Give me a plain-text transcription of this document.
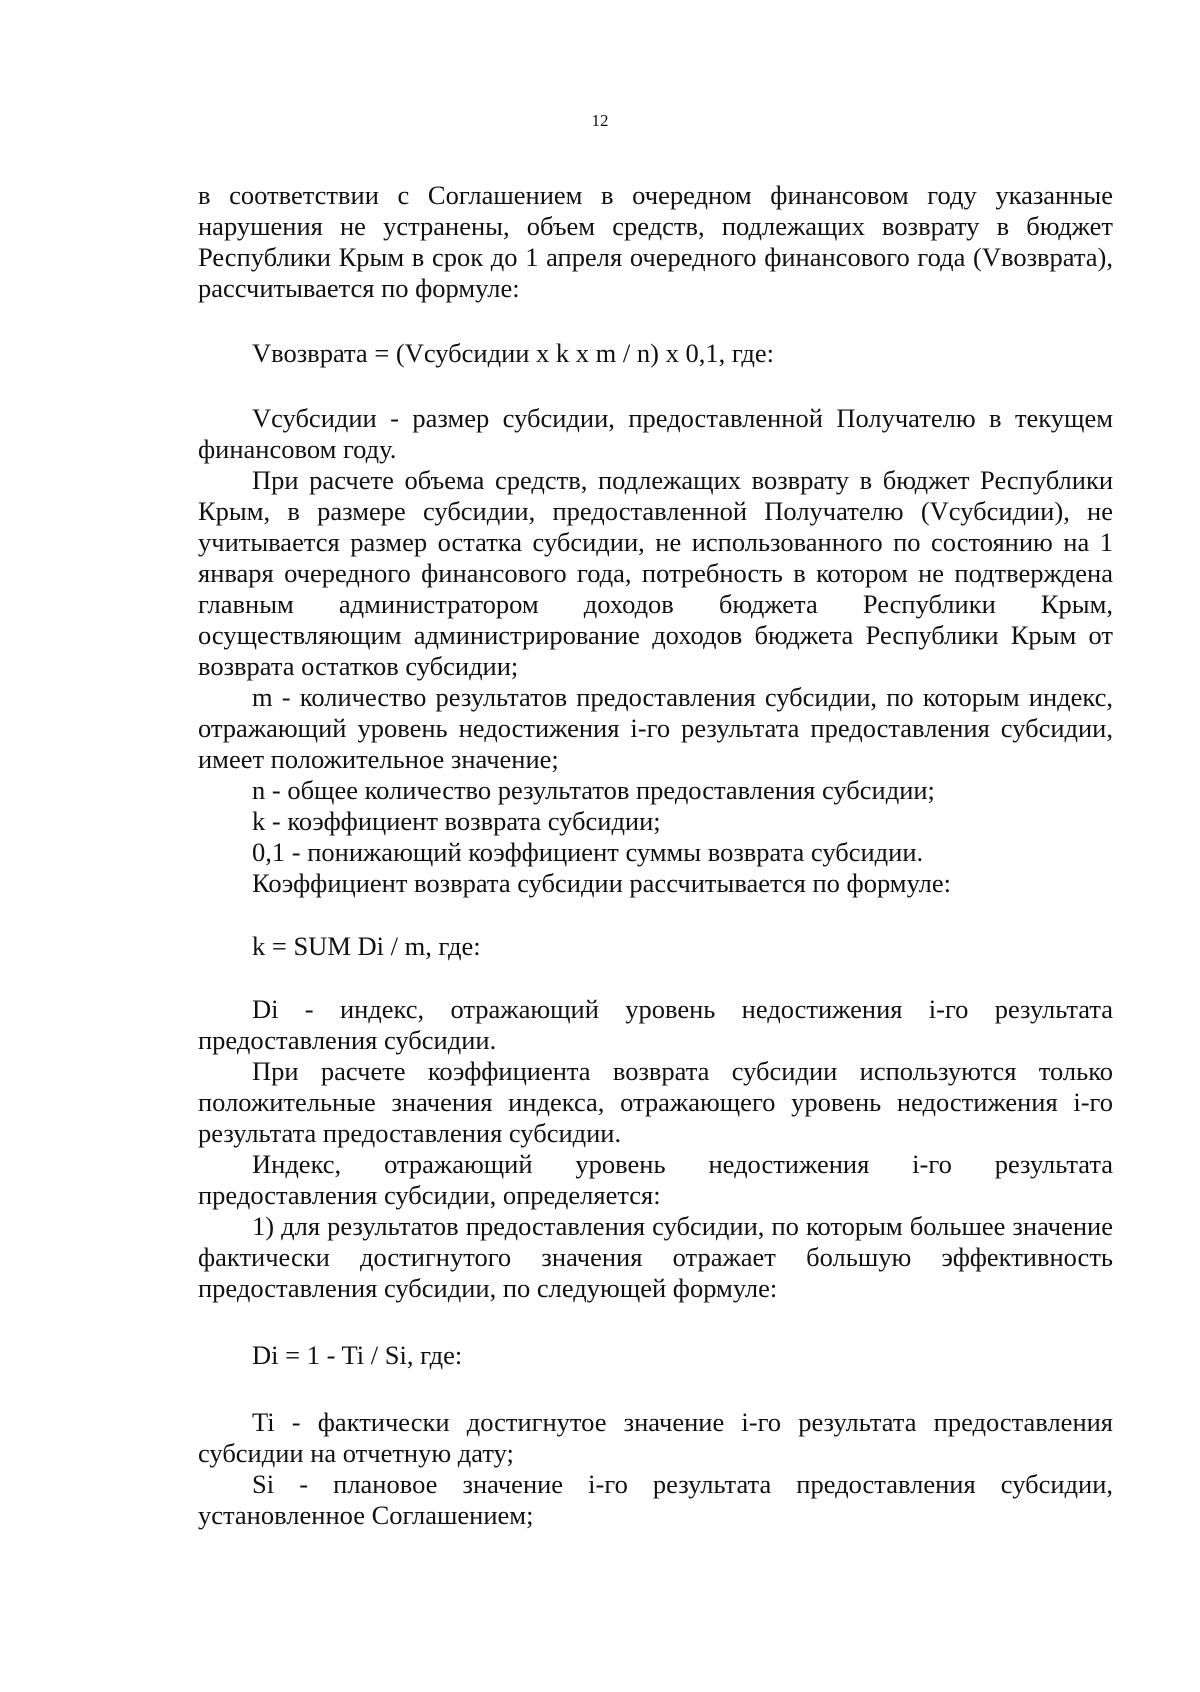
12

в соответствии с Соглашением в очередном финансовом году указанные нарушения не устранены, объем средств, подлежащих возврату в бюджет Республики Крым в срок до 1 апреля очередного финансового года (Vвозврата), рассчитывается по формуле:

Vвозврата = (Vсубсидии x k x m / n) x 0,1, где:

Vсубсидии - размер субсидии, предоставленной Получателю в текущем финансовом году.

При расчете объема средств, подлежащих возврату в бюджет Республики Крым, в размере субсидии, предоставленной Получателю (Vсубсидии), не учитывается размер остатка субсидии, не использованного по состоянию на 1 января очередного финансового года, потребность в котором не подтверждена главным администратором доходов бюджета Республики Крым, осуществляющим администрирование доходов бюджета Республики Крым от возврата остатков субсидии;

m - количество результатов предоставления субсидии, по которым индекс, отражающий уровень недостижения i-го результата предоставления субсидии, имеет положительное значение;

n - общее количество результатов предоставления субсидии;

k - коэффициент возврата субсидии;

0,1 - понижающий коэффициент суммы возврата субсидии.

Коэффициент возврата субсидии рассчитывается по формуле:

k = SUM Di / m, где:

Di - индекс, отражающий уровень недостижения i-го результата предоставления субсидии.

При расчете коэффициента возврата субсидии используются только положительные значения индекса, отражающего уровень недостижения i-го результата предоставления субсидии.

Индекс, отражающий уровень недостижения i-го результата предоставления субсидии, определяется:

1) для результатов предоставления субсидии, по которым большее значение фактически достигнутого значения отражает большую эффективность предоставления субсидии, по следующей формуле:

Di = 1 - Ti / Si, где:

Ti - фактически достигнутое значение i-го результата предоставления субсидии на отчетную дату;

Si - плановое значение i-го результата предоставления субсидии, установленное Соглашением;
